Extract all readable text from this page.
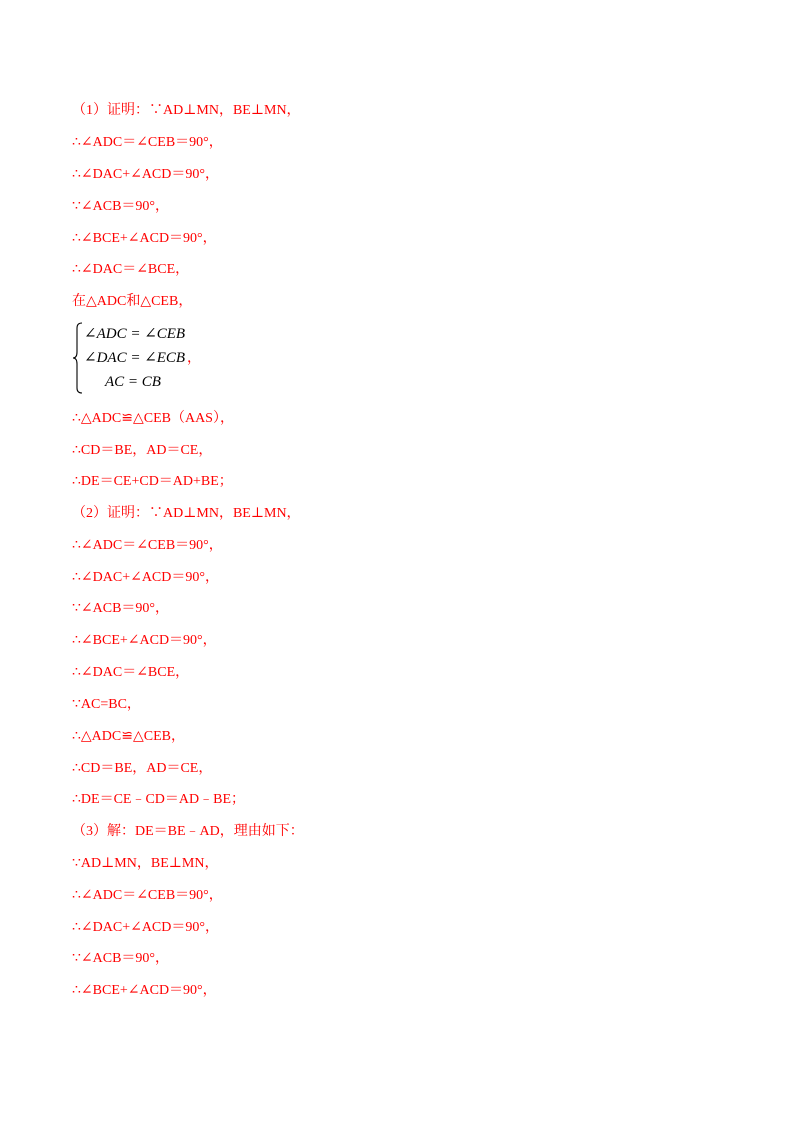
（1）证明：∵AD⊥MN，BE⊥MN，
∴∠ADC＝∠CEB＝90°，
∴∠DAC+∠ACD＝90°，
∵∠ACB＝90°，
∴∠BCE+∠ACD＝90°，
∴∠DAC＝∠BCE，
在△ADC和△CEB，
∠ADC = ∠CEB
∠DAC = ∠ECB ，
AC = CB
∴△ADC≌△CEB（AAS），
∴CD＝BE，AD＝CE，
∴DE＝CE+CD＝AD+BE；
（2）证明：∵AD⊥MN，BE⊥MN，
∴∠ADC＝∠CEB＝90°，
∴∠DAC+∠ACD＝90°，
∵∠ACB＝90°，
∴∠BCE+∠ACD＝90°，
∴∠DAC＝∠BCE，
∵AC=BC，
∴△ADC≌△CEB，
∴CD＝BE，AD＝CE，
∴DE＝CE﹣CD＝AD﹣BE；
（3）解：DE＝BE﹣AD，理由如下：
∵AD⊥MN，BE⊥MN，
∴∠ADC＝∠CEB＝90°，
∴∠DAC+∠ACD＝90°，
∵∠ACB＝90°，
∴∠BCE+∠ACD＝90°，
